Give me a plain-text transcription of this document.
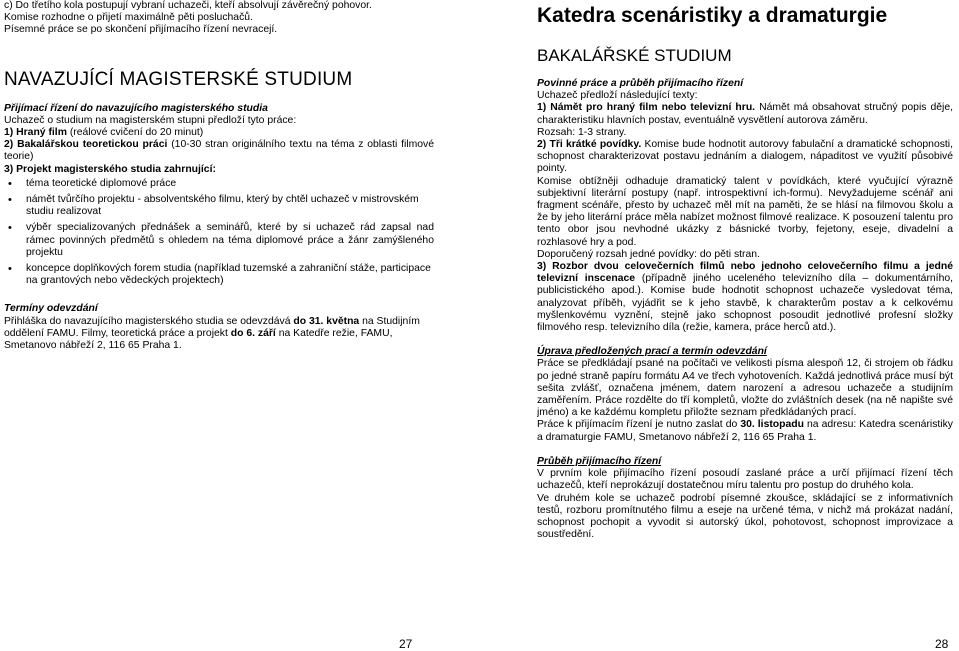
c) Do třetího kola postupují vybraní uchazeči, kteří absolvují závěrečný pohovor.

Komise rozhodne o přijetí maximálně pěti posluchačů.

Písemné práce se po skončení přijímacího řízení nevracejí.

NAVAZUJÍCÍ MAGISTERSKÉ STUDIUM

Přijímací řízení do navazujícího magisterského studia

Uchazeč o studium na magisterském stupni předloží tyto práce:

1) Hraný film (reálové cvičení do 20 minut)

2) Bakalářskou teoretickou práci (10-30 stran originálního textu na téma z oblasti filmové teorie)

3) Projekt magisterského studia zahrnující:

• téma teoretické diplomové práce
• námět tvůrčího projektu - absolventského filmu, který by chtěl uchazeč v mistrovském studiu realizovat
• výběr specializovaných přednášek a seminářů, které by si uchazeč rád zapsal nad rámec povinných předmětů s ohledem na téma diplomové práce a žánr zamýšleného projektu
• koncepce doplňkových forem studia (například tuzemské a zahraniční stáže, participace na grantových nebo vědeckých projektech)

Termíny odevzdání

Přihláška do navazujícího magisterského studia se odevzdává do 31. května na Studijním oddělení FAMU. Filmy, teoretická práce a projekt do 6. září na Katedře režie, FAMU, Smetanovo nábřeží 2, 116 65 Praha 1.

27
Katedra scenáristiky a dramaturgie
BAKALÁŘSKÉ STUDIUM

Povinné práce a průběh přijímacího řízení

Uchazeč předloží následující texty:

1) Námět pro hraný film nebo televizní hru. Námět má obsahovat stručný popis děje, charakteristiku hlavních postav, eventuálně vysvětlení autorova záměru.

Rozsah: 1-3 strany.

2) Tři krátké povídky. Komise bude hodnotit autorovy fabulační a dramatické schopnosti, schopnost charakterizovat postavu jednáním a dialogem, nápaditost ve využití působivé pointy.

Komise obtížněji odhaduje dramatický talent v povídkách, které vyučující výrazně subjektivní literární postupy (např. introspektivní ich-formu). Nevyžadujeme scénář ani fragment scénáře, přesto by uchazeč měl mít na paměti, že se hlásí na filmovou školu a že by jeho literární práce měla nabízet možnost filmové realizace. K posouzení talentu pro tento obor jsou nevhodné ukázky z básnické tvorby, fejetony, eseje, divadelní a rozhlasové hry a pod.

Doporučený rozsah jedné povídky: do pěti stran.

3) Rozbor dvou celovečerních filmů nebo jednoho celovečerního filmu a jedné televizní inscenace (případně jiného uceleného televizního díla – dokumentárního, publicistického apod.). Komise bude hodnotit schopnost uchazeče vysledovat téma, analyzovat příběh, vyjádřit se k jeho stavbě, k charakterům postav a k celkovému myšlenkovému vyznění, stejně jako schopnost posoudit jednotlivé profesní složky filmového resp. televizního díla (režie, kamera, práce herců atd.).

Úprava předložených prací a termín odevzdání

Práce se předkládají psané na počítači ve velikosti písma alespoň 12, či strojem ob řádku po jedné straně papíru formátu A4 ve třech vyhotoveních. Každá jednotlivá práce musí být sešita zvlášť, označena jménem, datem narození a adresou uchazeče a studijním zaměřením. Práce rozdělte do tří kompletů, vložte do zvláštních desek (na ně napište své jméno) a ke každému kompletu přiložte seznam předkládaných prací.

Práce k přijímacím řízení je nutno zaslat do 30. listopadu na adresu: Katedra scenáristiky a dramaturgie FAMU, Smetanovo nábřeží 2, 116 65 Praha 1.

Průběh přijímacího řízení

V prvním kole přijímacího řízení posoudí zaslané práce a určí přijímací řízení těch uchazečů, kteří neprokázují dostatečnou míru talentu pro postup do druhého kola.

Ve druhém kole se uchazeč podrobí písemné zkoušce, skládající se z informativních testů, rozboru promítnutého filmu a eseje na určené téma, v nichž má prokázat nadání, schopnost pochopit a vyvodit si autorský úkol, pohotovost, schopnost improvizace a soustředění.

28
